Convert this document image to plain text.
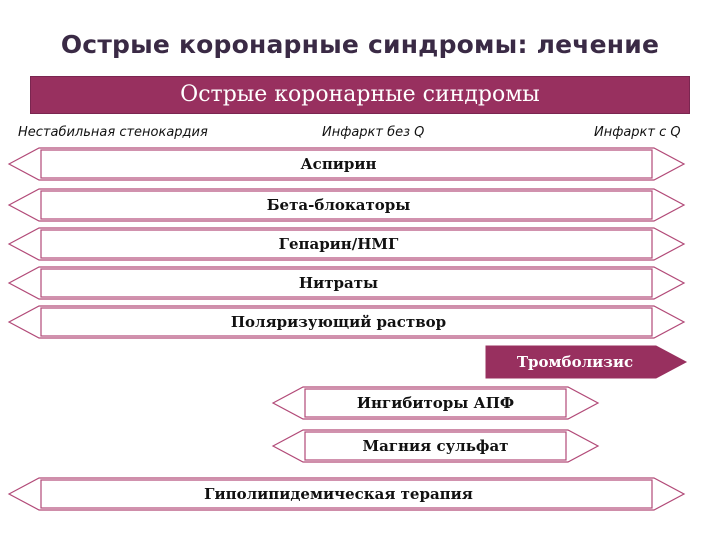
Острые коронарные синдромы: лечение
Острые коронарные синдромы
Нестабильная стенокардия	Инфаркт без Q	Инфаркт с Q
Аспирин
Бета-блокаторы
Гепарин/НМГ
Нитраты
Поляризующий раствор
Тромболизис
Ингибиторы АПФ
Магния сульфат
Гиполипидемическая терапия
